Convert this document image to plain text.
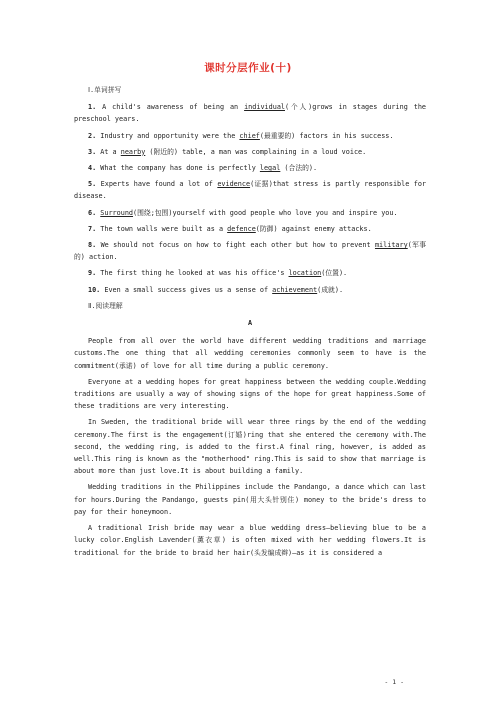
课时分层作业(十)
Ⅰ.单词拼写
1. A child's awareness of being an individual(个人)grows in stages during the preschool years.
2. Industry and opportunity were the chief(最重要的) factors in his success.
3. At a nearby (附近的) table, a man was complaining in a loud voice.
4. What the company has done is perfectly legal (合法的).
5. Experts have found a lot of evidence(证据)that stress is partly responsible for disease.
6. Surround(围绕;包围)yourself with good people who love you and inspire you.
7. The town walls were built as a defence(防御) against enemy attacks.
8. We should not focus on how to fight each other but how to prevent military(军事的) action.
9. The first thing he looked at was his office's location(位置).
10. Even a small success gives us a sense of achievement(成就).
Ⅱ.阅读理解
A
People from all over the world have different wedding traditions and marriage customs.The one thing that all wedding ceremonies commonly seem to have is the commitment(承诺) of love for all time during a public ceremony.
Everyone at a wedding hopes for great happiness between the wedding couple.Wedding traditions are usually a way of showing signs of the hope for great happiness.Some of these traditions are very interesting.
In Sweden, the traditional bride will wear three rings by the end of the wedding ceremony.The first is the engagement(订婚)ring that she entered the ceremony with.The second, the wedding ring, is added to the first.A final ring, however, is added as well.This ring is known as the "motherhood" ring.This is said to show that marriage is about more than just love.It is about building a family.
Wedding traditions in the Philippines include the Pandango, a dance which can last for hours.During the Pandango, guests pin(用大头针别住) money to the bride's dress to pay for their honeymoon.
A traditional Irish bride may wear a blue wedding dress—believing blue to be a lucky color.English Lavender(薰衣草) is often mixed with her wedding flowers.It is traditional for the bride to braid her hair(头发编成辫)—as it is considered a
- 1 -
